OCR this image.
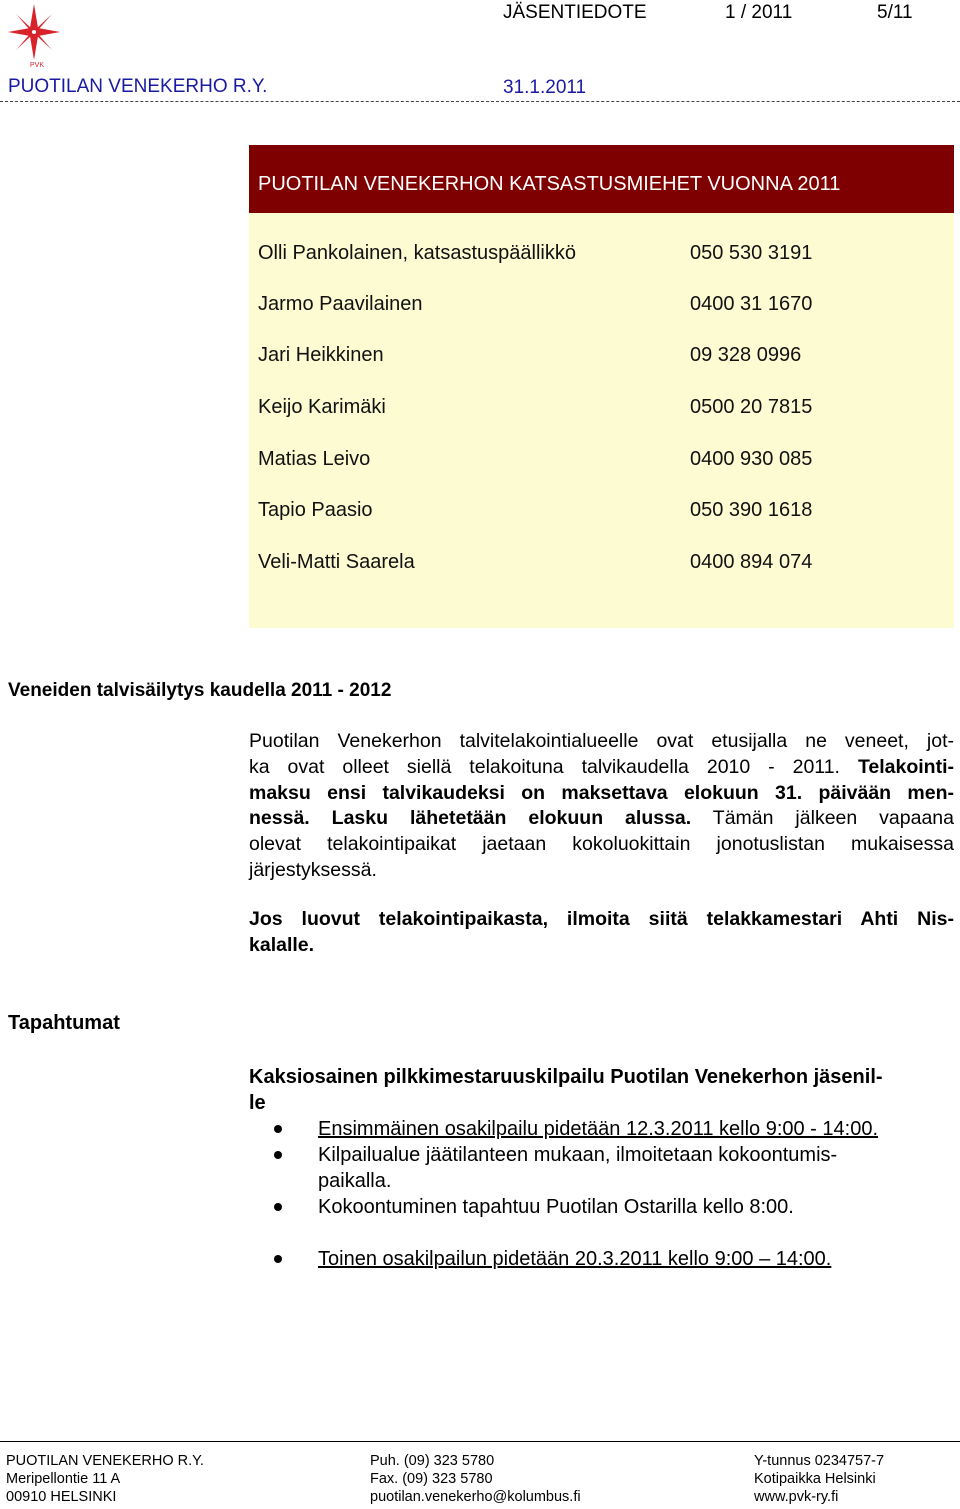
PVK
JÄSENTIEDOTE	1 / 2011	5/11
PUOTILAN VENEKERHO R.Y.	31.1.2011
PUOTILAN VENEKERHON KATSASTUSMIEHET VUONNA 2011
Olli Pankolainen, katsastuspäällikkö	050 530 3191
Jarmo Paavilainen	0400 31 1670
Jari Heikkinen	09 328 0996
Keijo Karimäki	0500 20 7815
Matias Leivo	0400 930 085
Tapio Paasio	050 390 1618
Veli-Matti Saarela	0400 894 074
Veneiden talvisäilytys kaudella 2011 - 2012
Puotilan Venekerhon talvitelakointialueelle ovat etusijalla ne veneet, jot-
ka ovat olleet siellä telakoituna talvikaudella 2010 - 2011. Telakointi-
maksu ensi talvikaudeksi on maksettava elokuun 31. päivään men-
nessä. Lasku lähetetään elokuun alussa. Tämän jälkeen vapaana
olevat telakointipaikat jaetaan kokoluokittain jonotuslistan mukaisessa
järjestyksessä.
Jos luovut telakointipaikasta, ilmoita siitä telakkamestari Ahti Nis-
kalalle.
Tapahtumat
Kaksiosainen pilkkimestaruuskilpailu Puotilan Venekerhon jäsenil-
le
Ensimmäinen osakilpailu pidetään 12.3.2011 kello 9:00 - 14:00.
Kilpailualue jäätilanteen mukaan, ilmoitetaan kokoontumis-
paikalla.
Kokoontuminen tapahtuu Puotilan Ostarilla kello 8:00.
Toinen osakilpailun pidetään 20.3.2011 kello 9:00 – 14:00.
PUOTILAN VENEKERHO R.Y.
Meripellontie 11 A
00910 HELSINKI
Puh. (09) 323 5780
Fax. (09) 323 5780
puotilan.venekerho@kolumbus.fi
Y-tunnus 0234757-7
Kotipaikka Helsinki
www.pvk-ry.fi
